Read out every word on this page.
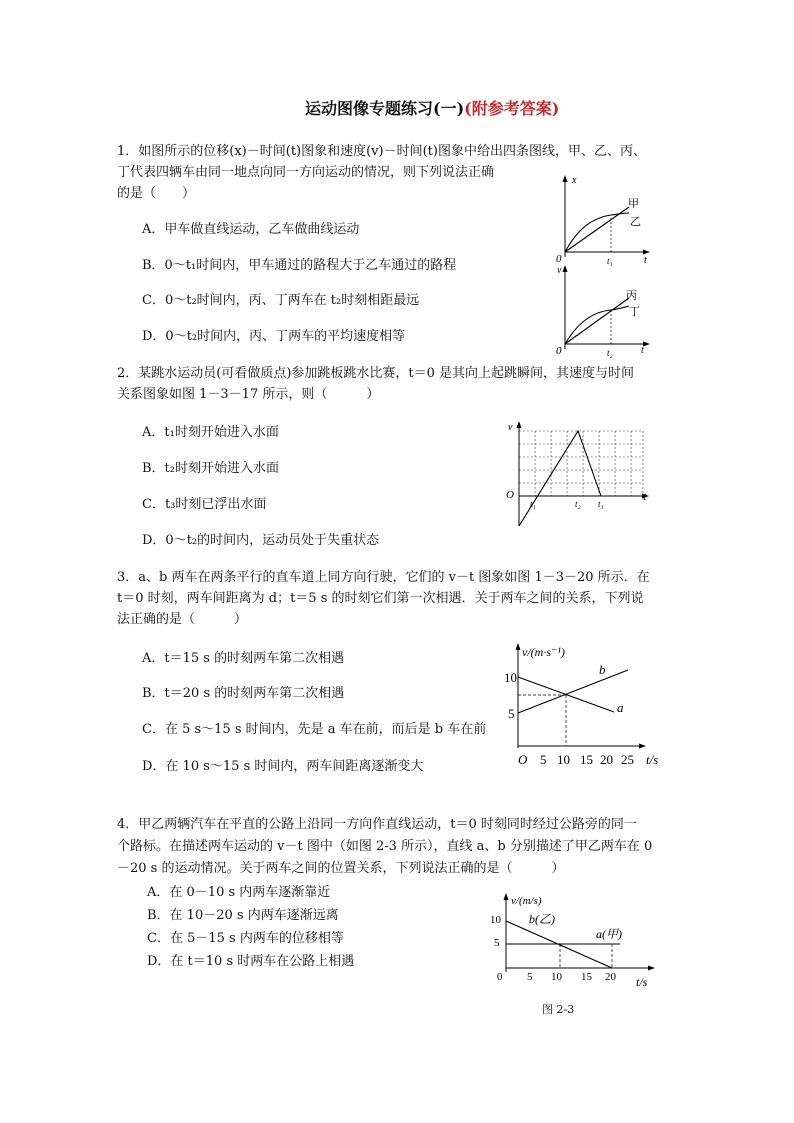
运动图像专题练习(一)(附参考答案)
1．如图所示的位移(x)－时间(t)图象和速度(v)－时间(t)图象中给出四条图线，甲、乙、丙、
丁代表四辆车由同一地点向同一方向运动的情况，则下列说法正确
的是（　　）
A．甲车做直线运动，乙车做曲线运动
B．0～t₁时间内，甲车通过的路程大于乙车通过的路程
C．0～t₂时间内，丙、丁两车在 t₂时刻相距最远
D．0～t₂时间内，丙、丁两车的平均速度相等
x
0	t
t₁
甲
乙
v
0	t
t₂
丙
丁
2．某跳水运动员(可看做质点)参加跳板跳水比赛，t＝0 是其向上起跳瞬间，其速度与时间
关系图象如图 1－3－17 所示，则（　　　）
A．t₁时刻开始进入水面
B．t₂时刻开始进入水面
C．t₃时刻已浮出水面
D．0～t₂的时间内，运动员处于失重状态
v
O	t
t₁	t₂ t₃
3．a、b 两车在两条平行的直车道上同方向行驶，它们的 v－t 图象如图 1－3－20 所示．在
t＝0 时刻，两车间距离为 d；t＝5 s 的时刻它们第一次相遇．关于两车之间的关系，下列说
法正确的是（　　　）
A．t＝15 s 的时刻两车第二次相遇
B．t＝20 s 的时刻两车第二次相遇
C．在 5 s～15 s 时间内，先是 a 车在前，而后是 b 车在前
D．在 10 s～15 s 时间内，两车间距离逐渐变大
v/(m·s⁻¹)
O 5 10 15 20 25 t/s
10
5
b
a
4．甲乙两辆汽车在平直的公路上沿同一方向作直线运动，t＝0 时刻同时经过公路旁的同一
个路标。在描述两车运动的 v－t 图中（如图 2-3 所示），直线 a、b 分别描述了甲乙两车在 0
－20 s 的运动情况。关于两车之间的位置关系，下列说法正确的是（　　　）
A．在 0－10 s 内两车逐渐靠近
B．在 10－20 s 内两车逐渐远离
C．在 5－15 s 内两车的位移相等
D．在 t＝10 s 时两车在公路上相遇
v/(m/s)
10
5
0 5 10 15 20 t/s
b(乙)
a(甲)
图 2-3
